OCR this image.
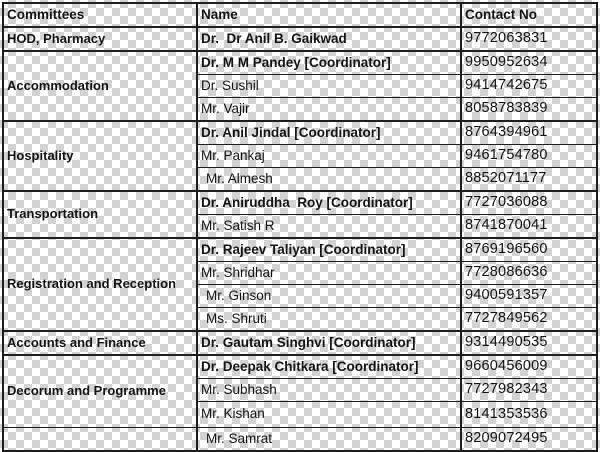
Committees	Name	Contact No
HOD, Pharmacy	Dr.  Dr Anil B. Gaikwad	9772063831
Accommodation	Dr. M M Pandey [Coordinator]	9950952634
	Dr. Sushil	9414742675
	Mr. Vajir	8058783839
Hospitality	Dr. Anil Jindal [Coordinator]	8764394961
	Mr. Pankaj	9461754780
	Mr. Almesh	8852071177
Transportation	Dr. Aniruddha  Roy [Coordinator]	7727036088
	Mr. Satish R	8741870041
Registration and Reception	Dr. Rajeev Taliyan [Coordinator]	8769196560
	Mr. Shridhar	7728086636
	Mr. Ginson	9400591357
	Ms. Shruti	7727849562
Accounts and Finance	Dr. Gautam Singhvi [Coordinator]	9314490535
Decorum and Programme	Dr. Deepak Chitkara [Coordinator]	9660456009
	Mr. Subhash	7727982343
	Mr. Kishan	8141353536
	Mr. Samrat	8209072495
